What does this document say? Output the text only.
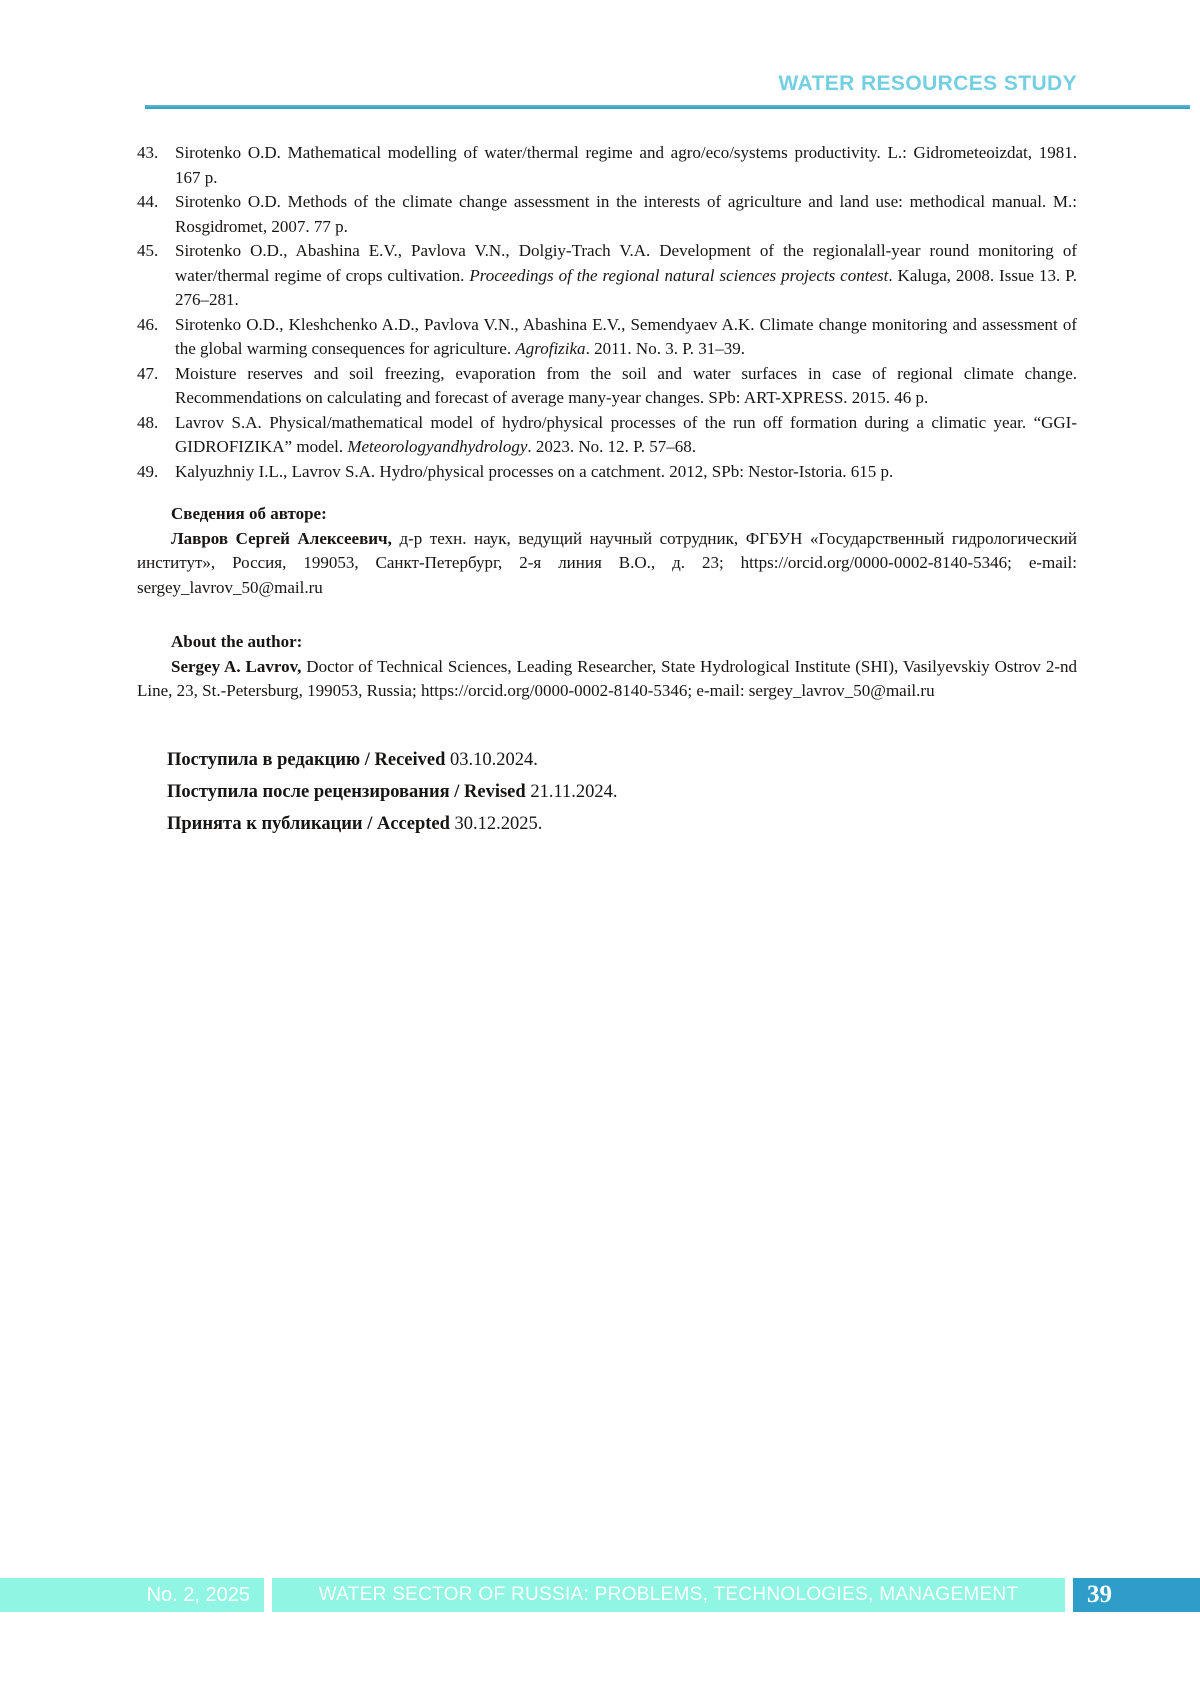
WATER RESOURCES STUDY
43. Sirotenko O.D. Mathematical modelling of water/thermal regime and agro/eco/systems productivity. L.: Gidrometeoizdat, 1981. 167 p.
44. Sirotenko O.D. Methods of the climate change assessment in the interests of agriculture and land use: methodical manual. M.: Rosgidromet, 2007. 77 p.
45. Sirotenko O.D., Abashina E.V., Pavlova V.N., Dolgiy-Trach V.A. Development of the regionalall-year round monitoring of water/thermal regime of crops cultivation. Proceedings of the regional natural sciences projects contest. Kaluga, 2008. Issue 13. P. 276–281.
46. Sirotenko O.D., Kleshchenko A.D., Pavlova V.N., Abashina E.V., Semendyaev A.K. Climate change monitoring and assessment of the global warming consequences for agriculture. Agrofizika. 2011. No. 3. P. 31–39.
47. Moisture reserves and soil freezing, evaporation from the soil and water surfaces in case of regional climate change. Recommendations on calculating and forecast of average many-year changes. SPb: ART-XPRESS. 2015. 46 p.
48. Lavrov S.A. Physical/mathematical model of hydro/physical processes of the run off formation during a climatic year. “GGI-GIDROFIZIKA” model. Meteorologyandhydrology. 2023. No. 12. P. 57–68.
49. Kalyuzhniy I.L., Lavrov S.A. Hydro/physical processes on a catchment. 2012, SPb: Nestor-Istoria. 615 p.

Сведения об авторе:

Лавров Сергей Алексеевич, д-р техн. наук, ведущий научный сотрудник, ФГБУН «Государственный гидрологический институт», Россия, 199053, Санкт-Петербург, 2-я линия В.О., д. 23; https://orcid.org/0000-0002-8140-5346; e-mail: sergey_lavrov_50@mail.ru

About the author:

Sergey A. Lavrov, Doctor of Technical Sciences, Leading Researcher, State Hydrological Institute (SHI), Vasilyevskiy Ostrov 2-nd Line, 23, St.-Petersburg, 199053, Russia; https://orcid.org/0000-0002-8140-5346; e-mail: sergey_lavrov_50@mail.ru

Поступила в редакцию / Received 03.10.2024.
Поступила после рецензирования / Revised 21.11.2024.
Принята к публикации / Accepted 30.12.2025.
No. 2, 2025	WATER SECTOR OF RUSSIA: PROBLEMS, TECHNOLOGIES, MANAGEMENT	39
